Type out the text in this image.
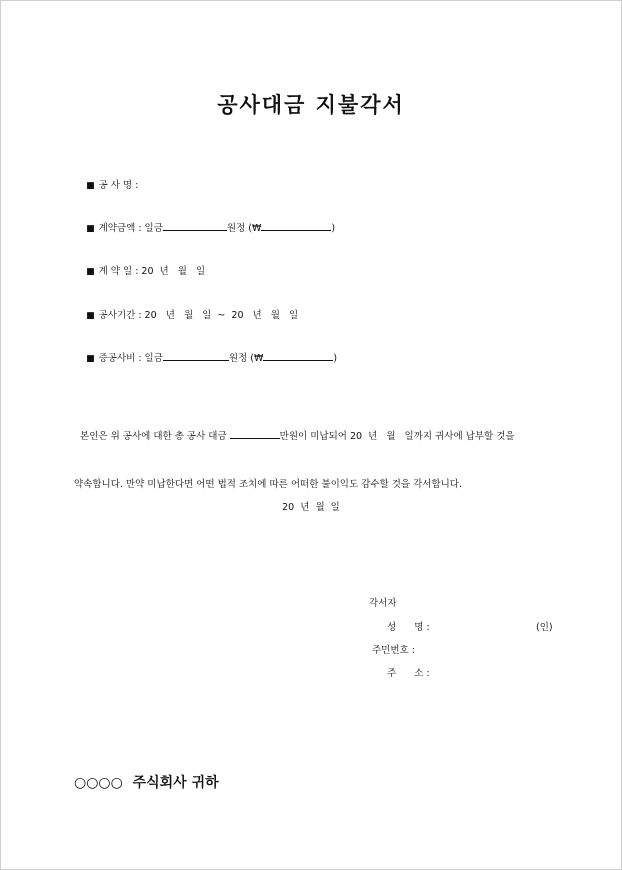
공사대금 지불각서

■ 공 사 명 :

■ 계약금액 : 일금	원정 (₩	)

■ 계 약 일 : 20  년   월   일

■ 공사기간 : 20   년   월   일  ~  20   년   월   일

■ 증공사비 : 일금	원정 (₩	)

본인은 위 공사에 대한 총 공사 대금	만원이 미납되어 20  년   월   일까지 귀사에 납부할 것을

약속합니다. 만약 미납한다면 어떤 법적 조치에 따른 어떠한 불이익도 감수할 것을 각서합니다.

20  년  월  일
각서자
성      명 :	(인)
주민번호 :
주      소 :
○○○○  주식회사 귀하
